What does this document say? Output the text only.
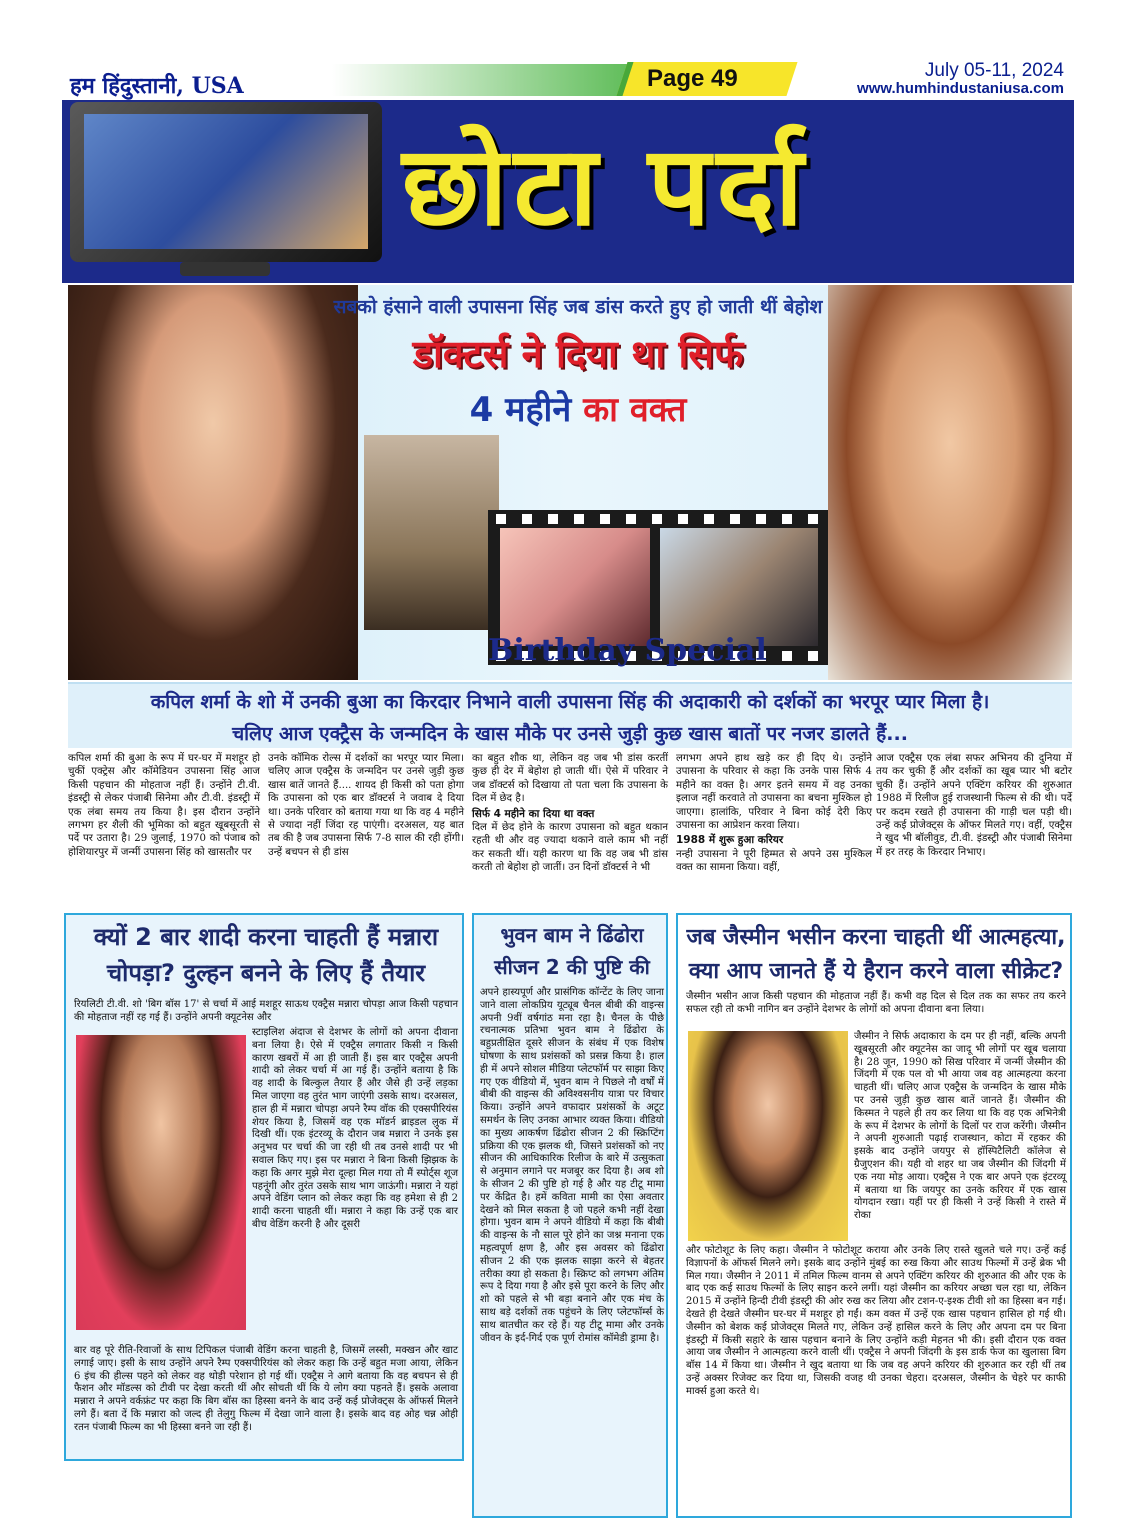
हम हिंदुस्तानी, USA	Page 49	July 05-11, 2024
www.humhindustaniusa.com
छोटा पर्दा
सबको हंसाने वाली उपासना सिंह जब डांस करते हुए हो जाती थीं बेहोश
डॉक्टर्स ने दिया था सिर्फ
4 महीने का वक्त
Birthday Special

कपिल शर्मा के शो में उनकी बुआ का किरदार निभाने वाली उपासना सिंह की अदाकारी को दर्शकों का भरपूर प्यार मिला है।

चलिए आज एक्ट्रैस के जन्मदिन के खास मौके पर उनसे जुड़ी कुछ खास बातों पर नजर डालते हैं...

कपिल शर्मा की बुआ के रूप में घर-घर में मशहूर हो चुकीं एक्ट्रेस और कॉमेडियन उपासना सिंह आज किसी पहचान की मोहताज नहीं हैं। उन्होंने टी.वी. इंडस्ट्री से लेकर पंजाबी सिनेमा और टी.वी. इंडस्ट्री में एक लंबा समय तय किया है। इस दौरान उन्होंने लगभग हर शैली की भूमिका को बहुत खूबसूरती से पर्दे पर उतारा है। 29 जुलाई, 1970 को पंजाब को होशियारपुर में जन्मीं उपासना सिंह को खासतौर पर
उनके कॉमिक रोल्स में दर्शकों का भरपूर प्यार मिला। चलिए आज एक्ट्रैस के जन्मदिन पर उनसे जुड़ी कुछ खास बातें जानते हैं.... शायद ही किसी को पता होगा कि उपासना को एक बार डॉक्टर्स ने जवाब दे दिया था। उनके परिवार को बताया गया था कि वह 4 महीने से ज्यादा नहीं जिंदा रह पाएंगी। दरअसल, यह बात तब की है जब उपासना सिर्फ 7-8 साल की रही होंगी। उन्हें बचपन से ही डांस
का बहुत शौक था, लेकिन वह जब भी डांस करतीं कुछ ही देर में बेहोश हो जाती थीं। ऐसे में परिवार ने जब डॉक्टर्स को दिखाया तो पता चला कि उपासना के दिल में छेद है।
सिर्फ 4 महीने का दिया था वक्त
दिल में छेद होने के कारण उपासना को बहुत थकान रहती थी और वह ज्यादा थकाने वाले काम भी नहीं कर सकती थीं। यही कारण था कि वह जब भी डांस करती तो बेहोश हो जातीं। उन दिनों डॉक्टर्स ने भी
लगभग अपने हाथ खड़े कर ही दिए थे। उन्होंने उपासना के परिवार से कहा कि उनके पास सिर्फ 4 महीने का वक्त है। अगर इतने समय में वह उनका इलाज नहीं करवाते तो उपासना का बचना मुश्किल हो जाएगा। हालांकि, परिवार ने बिना कोई देरी किए उपासना का आप्रेशन करवा लिया।
1988 में शुरू हुआ करियर
नन्ही उपासना ने पूरी हिम्मत से अपने उस मुश्किल वक्त का सामना किया। वहीं,
आज एक्ट्रैस एक लंबा सफर अभिनय की दुनिया में तय कर चुकी हैं और दर्शकों का खूब प्यार भी बटोर चुकी हैं। उन्होंने अपने एक्टिंग करियर की शुरुआत 1988 में रिलीज हुई राजस्थानी फिल्म से की थी। पर्दे पर कदम रखते ही उपासना की गाड़ी चल पड़ी थी। उन्हें कई प्रोजेक्ट्स के ऑफर मिलते गए। वहीं, एक्ट्रैस ने खुद भी बॉलीवुड, टी.वी. इंडस्ट्री और पंजाबी सिनेमा में हर तरह के किरदार निभाए।
क्यों 2 बार शादी करना चाहती हैं मन्नारा चोपड़ा? दुल्हन बनने के लिए हैं तैयार
रियलिटी टी.वी. शो 'बिग बॉस 17' से चर्चा में आई मशहूर साऊथ एक्ट्रैस मन्नारा चोपड़ा आज किसी पहचान की मोहताज नहीं रह गई हैं। उन्होंने अपनी क्यूटनेस और
स्टाइलिश अंदाज से देशभर के लोगों को अपना दीवाना बना लिया है। ऐसे में एक्ट्रैस लगातार किसी न किसी कारण खबरों में आ ही जाती हैं। इस बार एक्ट्रैस अपनी शादी को लेकर चर्चा में आ गई हैं। उन्होंने बताया है कि वह शादी के बिल्कुल तैयार हैं और जैसे ही उन्हें लड़का मिल जाएगा वह तुरंत भाग जाएंगी उसके साथ। दरअसल, हाल ही में मन्नारा चोपड़ा अपने रैम्प वॉक की एक्सपीरियंस शेयर किया है, जिसमें वह एक मॉडर्न ब्राइडल लुक में दिखी थीं। एक इंटरव्यू के दौरान जब मन्नारा ने उनके इस अनुभव पर चर्चा की जा रही थी तब उनसे शादी पर भी सवाल किए गए। इस पर मन्नारा ने बिना किसी झिझक के कहा कि अगर मुझे मेरा दूल्हा मिल गया तो मैं स्पोर्ट्स शूज पहनूंगी और तुरंत उसके साथ भाग जाऊंगी। मन्नारा ने यहां अपने वेडिंग प्लान को लेकर कहा कि वह हमेशा से ही 2 शादी करना चाहती थीं। मन्नारा ने कहा कि उन्हें एक बार बीच वेडिंग करनी है और दूसरी
बार वह पूरे रीति-रिवाजों के साथ टिपिकल पंजाबी वेडिंग करना चाहती है, जिसमें लस्सी, मक्खन और खाट लगाई जाए। इसी के साथ उन्होंने अपने रैम्प एक्सपीरियंस को लेकर कहा कि उन्हें बहुत मजा आया, लेकिन 6 इंच की हील्स पहने को लेकर वह थोड़ी परेशान हो गई थीं। एक्ट्रैस ने आगे बताया कि वह बचपन से ही फैशन और मॉडल्स को टीवी पर देखा करती थीं और सोचती थीं कि ये लोग क्या पहनते हैं। इसके अलावा मन्नारा ने अपने वर्कफ्रंट पर कहा कि बिग बॉस का हिस्सा बनने के बाद उन्हें कई प्रोजेक्ट्स के ऑफर्स मिलने लगे हैं। बता दें कि मन्नारा को जल्द ही तेलुगु फिल्म में देखा जाने वाला है। इसके बाद वह ओह चन्न ओही रतन पंजाबी फिल्म का भी हिस्सा बनने जा रही हैं।
भुवन बाम ने ढिंढोरा सीजन 2 की पुष्टि की
अपने हास्यपूर्ण और प्रासंगिक कॉन्टेंट के लिए जाना जाने वाला लोकप्रिय यूट्यूब चैनल बीबी की वाइन्स अपनी 9वीं वर्षगांठ मना रहा है। चैनल के पीछे रचनात्मक प्रतिभा भुवन बाम ने ढिंढोरा के बहुप्रतीक्षित दूसरे सीजन के संबंध में एक विशेष घोषणा के साथ प्रशंसकों को प्रसन्न किया है। हाल ही में अपने सोशल मीडिया प्लेटफॉर्म पर साझा किए गए एक वीडियो में, भुवन बाम ने पिछले नौ वर्षों में बीबी की वाइन्स की अविश्वसनीय यात्रा पर विचार किया। उन्होंने अपने वफादार प्रशंसकों के अटूट समर्थन के लिए उनका आभार व्यक्त किया। वीडियो का मुख्य आकर्षण ढिंढोरा सीजन 2 की स्क्रिप्टिंग प्रक्रिया की एक झलक थी, जिसने प्रशंसकों को नए सीजन की आधिकारिक रिलीज के बारे में उत्सुकता से अनुमान लगाने पर मजबूर कर दिया है। अब शो के सीजन 2 की पुष्टि हो गई है और यह टीटू मामा पर केंद्रित है। हमें कविता मामी का ऐसा अवतार देखने को मिल सकता है जो पहले कभी नहीं देखा होगा। भुवन बाम ने अपने वीडियो में कहा कि बीबी की वाइन्स के नौ साल पूरे होने का जश्न मनाना एक महत्वपूर्ण क्षण है, और इस अवसर को ढिंढोरा सीजन 2 की एक झलक साझा करने से बेहतर तरीका क्या हो सकता है। स्क्रिप्ट को लगभग अंतिम रूप दे दिया गया है और इसे पूरा करने के लिए और शो को पहले से भी बड़ा बनाने और एक मंच के साथ बड़े दर्शकों तक पहुंचने के लिए प्लेटफॉर्म्स के साथ बातचीत कर रहे हैं। यह टीटू मामा और उनके जीवन के इर्द-गिर्द एक पूर्ण रोमांस कॉमेडी ड्रामा है।
जब जैस्मीन भसीन करना चाहती थीं आत्महत्या, क्या आप जानते हैं ये हैरान करने वाला सीक्रेट?
जैस्मीन भसीन आज किसी पहचान की मोहताज नहीं हैं। कभी वह दिल से दिल तक का सफर तय करने सफल रही तो कभी नागिन बन उन्होंने देशभर के लोगों को अपना दीवाना बना लिया।
जैस्मीन ने सिर्फ अदाकारा के दम पर ही नहीं, बल्कि अपनी खूबसूरती और क्यूटनेस का जादू भी लोगों पर खूब चलाया है। 28 जून, 1990 को सिख परिवार में जन्मीं जैस्मीन की जिंदगी में एक पल वो भी आया जब वह आत्महत्या करना चाहती थीं। चलिए आज एक्ट्रैस के जन्मदिन के खास मौके पर उनसे जुड़ी कुछ खास बातें जानते हैं। जैस्मीन की किस्मत ने पहले ही तय कर लिया था कि वह एक अभिनेत्री के रूप में देशभर के लोगों के दिलों पर राज करेंगी। जैस्मीन ने अपनी शुरुआती पढ़ाई राजस्थान, कोटा में रहकर की इसके बाद उन्होंने जयपुर से हॉस्पिटैलिटी कॉलेज से ग्रैजुएशन की। यही वो शहर था जब जैस्मीन की जिंदगी में एक नया मोड़ आया। एक्ट्रैस ने एक बार अपने एक इंटरव्यू में बताया था कि जयपुर का उनके करियर में एक खास योगदान रखा। यहीं पर ही किसी ने उन्हें किसी ने रास्ते में रोका
और फोटोशूट के लिए कहा। जैस्मीन ने फोटोशूट कराया और उनके लिए रास्ते खुलते चले गए। उन्हें कई विज्ञापनों के ऑफर्स मिलने लगे। इसके बाद उन्होंने मुंबई का रुख किया और साउथ फिल्मों में उन्हें ब्रेक भी मिल गया। जैस्मीन ने 2011 में तमिल फिल्म वानम से अपने एक्टिंग करियर की शुरुआत की और एक के बाद एक कई साउथ फिल्मों के लिए साइन करने लगीं। यहां जैस्मीन का करियर अच्छा चल रहा था, लेकिन 2015 में उन्होंने हिन्दी टीवी इंडस्ट्री की ओर रुख कर लिया और टशन-ए-इश्क टीवी शो का हिस्सा बन गई। देखते ही देखते जैस्मीन घर-घर में मशहूर हो गईं। कम वक्त में उन्हें एक खास पहचान हासिल हो गई थी। जैस्मीन को बेशक कई प्रोजेक्ट्स मिलते गए, लेकिन उन्हें हासिल करने के लिए और अपना दम पर बिना इंडस्ट्री में किसी सहारे के खास पहचान बनाने के लिए उन्होंने कड़ी मेहनत भी की। इसी दौरान एक वक्त आया जब जैस्मीन ने आत्महत्या करने वाली थीं। एक्ट्रैस ने अपनी जिंदगी के इस डार्क फेज का खुलासा बिग बॉस 14 में किया था। जैस्मीन ने खुद बताया था कि जब वह अपने करियर की शुरुआत कर रही थीं तब उन्हें अक्सर रिजेक्ट कर दिया था, जिसकी वजह थी उनका चेहरा। दरअसल, जैस्मीन के चेहरे पर काफी मार्क्स हुआ करते थे।
